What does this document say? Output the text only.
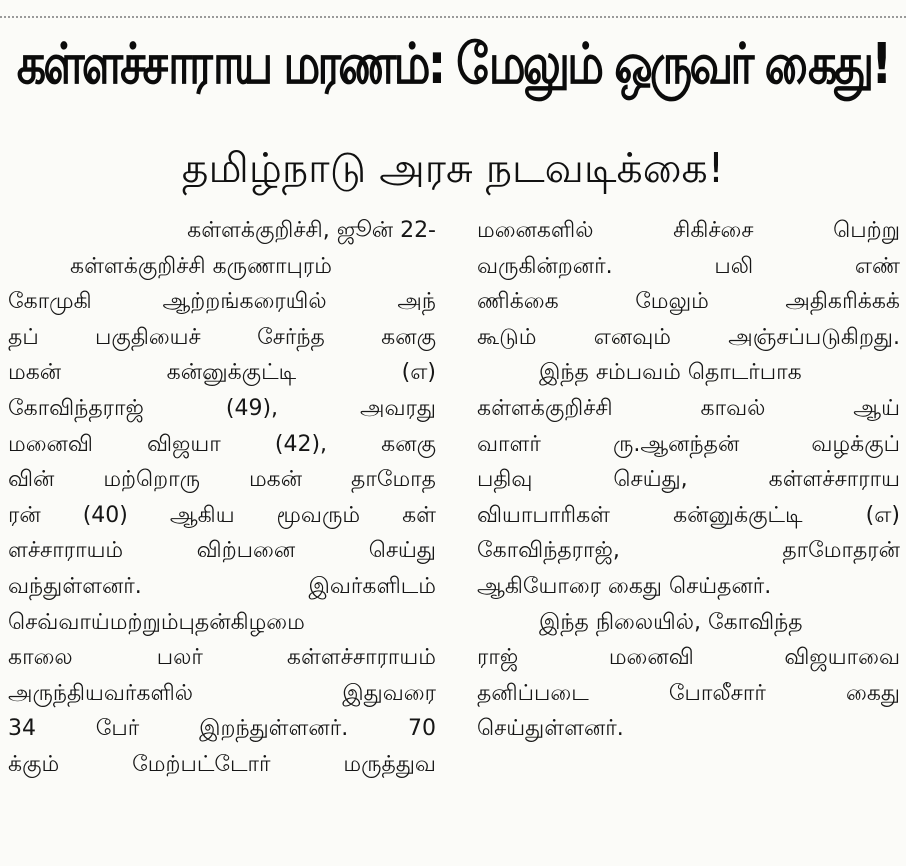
கள்ளச்சாராய மரணம்: மேலும் ஒருவர் கைது!
தமிழ்நாடு அரசு நடவடிக்கை!
கள்ளக்குறிச்சி, ஜூன் 22-
கள்ளக்குறிச்சி கருணாபுரம்
கோமுகி ஆற்றங்கரையில் அந்
தப் பகுதியைச் சேர்ந்த கனகு
மகன் கன்னுக்குட்டி (எ)
கோவிந்தராஜ் (49), அவரது
மனைவி விஜயா (42), கனகு
வின் மற்றொரு மகன் தாமோத
ரன் (40) ஆகிய மூவரும் கள்
ளச்சாராயம் விற்பனை செய்து
வந்துள்ளனர். இவர்களிடம்
செவ்வாய்மற்றும்புதன்கிழமை
காலை பலர் கள்ளச்சாராயம்
அருந்தியவர்களில் இதுவரை
34 பேர் இறந்துள்ளனர். 70
க்கும் மேற்பட்டோர் மருத்துவ
மனைகளில் சிகிச்சை பெற்று
வருகின்றனர். பலி எண்
ணிக்கை மேலும் அதிகரிக்கக்
கூடும் எனவும் அஞ்சப்படுகிறது.
இந்த சம்பவம் தொடர்பாக
கள்ளக்குறிச்சி காவல் ஆய்
வாளர் ரு.ஆனந்தன் வழக்குப்
பதிவு செய்து, கள்ளச்சாராய
வியாபாரிகள் கன்னுக்குட்டி (எ)
கோவிந்தராஜ், தாமோதரன்
ஆகியோரை கைது செய்தனர்.
இந்த நிலையில், கோவிந்த
ராஜ் மனைவி விஜயாவை
தனிப்படை போலீசார் கைது
செய்துள்ளனர்.
